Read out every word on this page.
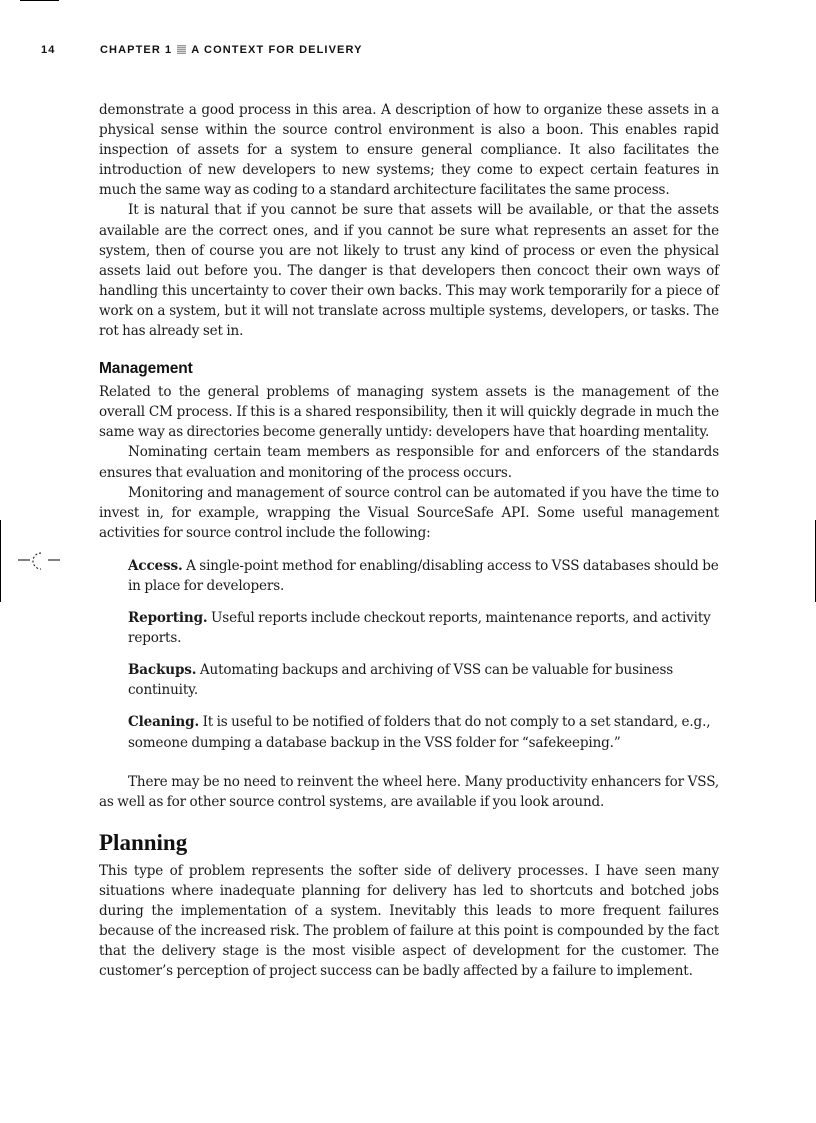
14	CHAPTER 1 A CONTEXT FOR DELIVERY

demonstrate a good process in this area. A description of how to organize these assets in a physical sense within the source control environment is also a boon. This enables rapid inspection of assets for a system to ensure general compliance. It also facilitates the introduction of new developers to new systems; they come to expect certain features in much the same way as coding to a standard architecture facilitates the same process.

It is natural that if you cannot be sure that assets will be available, or that the assets available are the correct ones, and if you cannot be sure what represents an asset for the system, then of course you are not likely to trust any kind of process or even the physical assets laid out before you. The danger is that developers then concoct their own ways of handling this uncertainty to cover their own backs. This may work temporarily for a piece of work on a system, but it will not translate across multiple systems, developers, or tasks. The rot has already set in.

Management

Related to the general problems of managing system assets is the management of the overall CM process. If this is a shared responsibility, then it will quickly degrade in much the same way as directories become generally untidy: developers have that hoarding mentality.

Nominating certain team members as responsible for and enforcers of the standards ensures that evaluation and monitoring of the process occurs.

Monitoring and management of source control can be automated if you have the time to invest in, for example, wrapping the Visual SourceSafe API. Some useful management activities for source control include the following:

Access. A single-point method for enabling/disabling access to VSS databases should be in place for developers.
Reporting. Useful reports include checkout reports, maintenance reports, and activity reports.
Backups. Automating backups and archiving of VSS can be valuable for business continuity.
Cleaning. It is useful to be notified of folders that do not comply to a set standard, e.g., someone dumping a database backup in the VSS folder for “safekeeping.”

There may be no need to reinvent the wheel here. Many productivity enhancers for VSS, as well as for other source control systems, are available if you look around.

Planning

This type of problem represents the softer side of delivery processes. I have seen many situations where inadequate planning for delivery has led to shortcuts and botched jobs during the implementation of a system. Inevitably this leads to more frequent failures because of the increased risk. The problem of failure at this point is compounded by the fact that the delivery stage is the most visible aspect of development for the customer. The customer’s perception of project success can be badly affected by a failure to implement.
